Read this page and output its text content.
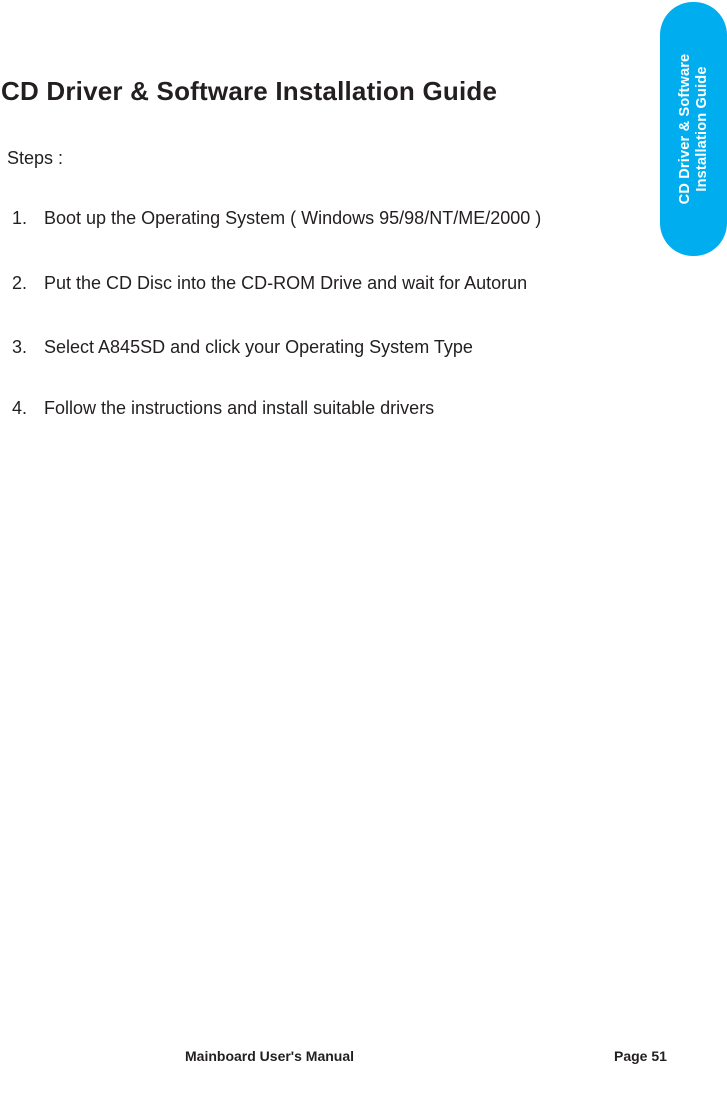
CD Driver & Software Installation Guide
CD Driver & Software Installation Guide
Steps :
1. Boot up the Operating System ( Windows 95/98/NT/ME/2000 )
2. Put the CD Disc into the CD-ROM Drive and wait for Autorun
3. Select A845SD and click your Operating System Type
4. Follow the instructions and install suitable drivers
Mainboard User's Manual	Page 51
